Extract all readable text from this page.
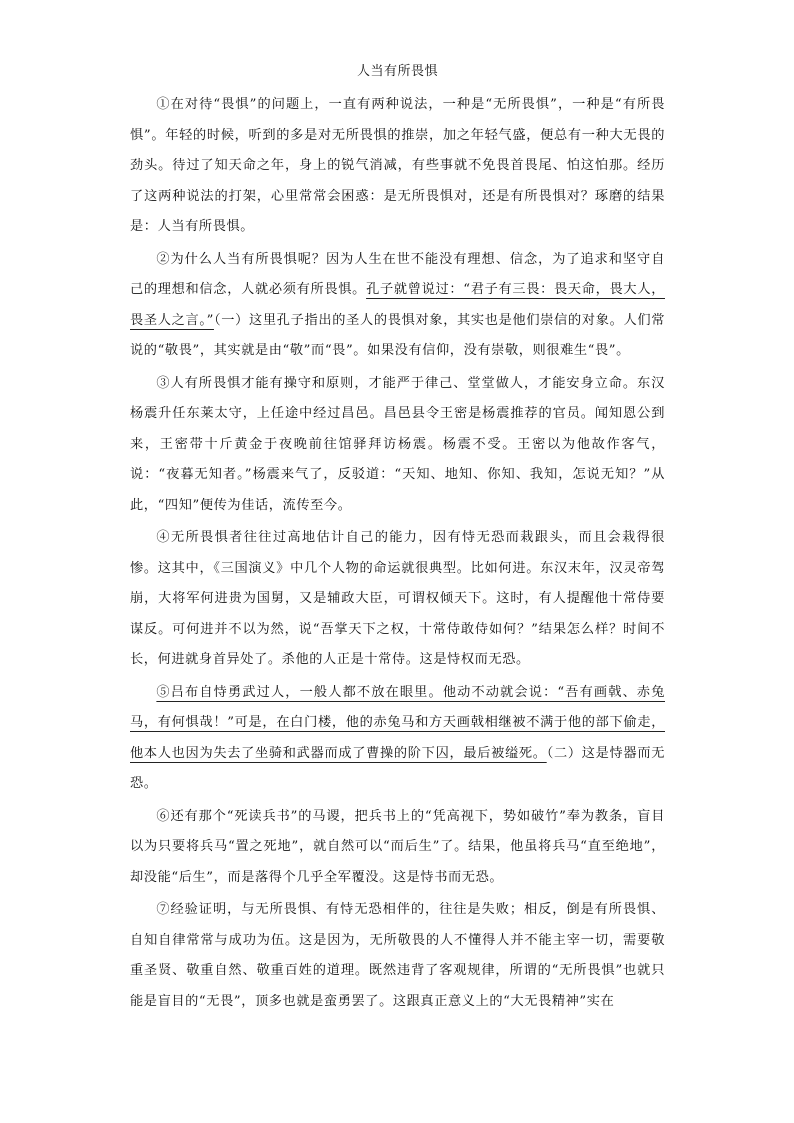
人当有所畏惧

①在对待“畏惧”的问题上，一直有两种说法，一种是“无所畏惧”，一种是“有所畏惧”。年轻的时候，听到的多是对无所畏惧的推崇，加之年轻气盛，便总有一种大无畏的劲头。待过了知天命之年，身上的锐气消减，有些事就不免畏首畏尾、怕这怕那。经历了这两种说法的打架，心里常常会困惑：是无所畏惧对，还是有所畏惧对？琢磨的结果是：人当有所畏惧。

②为什么人当有所畏惧呢？因为人生在世不能没有理想、信念，为了追求和坚守自己的理想和信念，人就必须有所畏惧。孔子就曾说过：“君子有三畏：畏天命，畏大人，畏圣人之言。”（一）这里孔子指出的圣人的畏惧对象，其实也是他们崇信的对象。人们常说的“敬畏”，其实就是由“敬”而“畏”。如果没有信仰，没有崇敬，则很难生“畏”。

③人有所畏惧才能有操守和原则，才能严于律己、堂堂做人，才能安身立命。东汉杨震升任东莱太守，上任途中经过昌邑。昌邑县令王密是杨震推荐的官员。闻知恩公到来，王密带十斤黄金于夜晚前往馆驿拜访杨震。杨震不受。王密以为他故作客气，说：“夜暮无知者。”杨震来气了，反驳道：“天知、地知、你知、我知，怎说无知？”从此，“四知”便传为佳话，流传至今。

④无所畏惧者往往过高地估计自己的能力，因有恃无恐而栽跟头，而且会栽得很惨。这其中，《三国演义》中几个人物的命运就很典型。比如何进。东汉末年，汉灵帝驾崩，大将军何进贵为国舅，又是辅政大臣，可谓权倾天下。这时，有人提醒他十常侍要谋反。可何进并不以为然，说“吾掌天下之权，十常侍敢侍如何？”结果怎么样？时间不长，何进就身首异处了。杀他的人正是十常侍。这是恃权而无恐。

⑤吕布自恃勇武过人，一般人都不放在眼里。他动不动就会说：“吾有画戟、赤兔马，有何惧哉！”可是，在白门楼，他的赤兔马和方天画戟相继被不满于他的部下偷走，他本人也因为失去了坐骑和武器而成了曹操的阶下囚，最后被缢死。（二）这是恃器而无恐。

⑥还有那个“死读兵书”的马谡，把兵书上的“凭高视下，势如破竹”奉为教条，盲目以为只要将兵马“置之死地”，就自然可以“而后生”了。结果，他虽将兵马“直至绝地”，却没能“后生”，而是落得个几乎全军覆没。这是恃书而无恐。

⑦经验证明，与无所畏惧、有恃无恐相伴的，往往是失败；相反，倒是有所畏惧、自知自律常常与成功为伍。这是因为，无所敬畏的人不懂得人并不能主宰一切，需要敬重圣贤、敬重自然、敬重百姓的道理。既然违背了客观规律，所谓的“无所畏惧”也就只能是盲目的“无畏”，顶多也就是蛮勇罢了。这跟真正意义上的“大无畏精神”实在
